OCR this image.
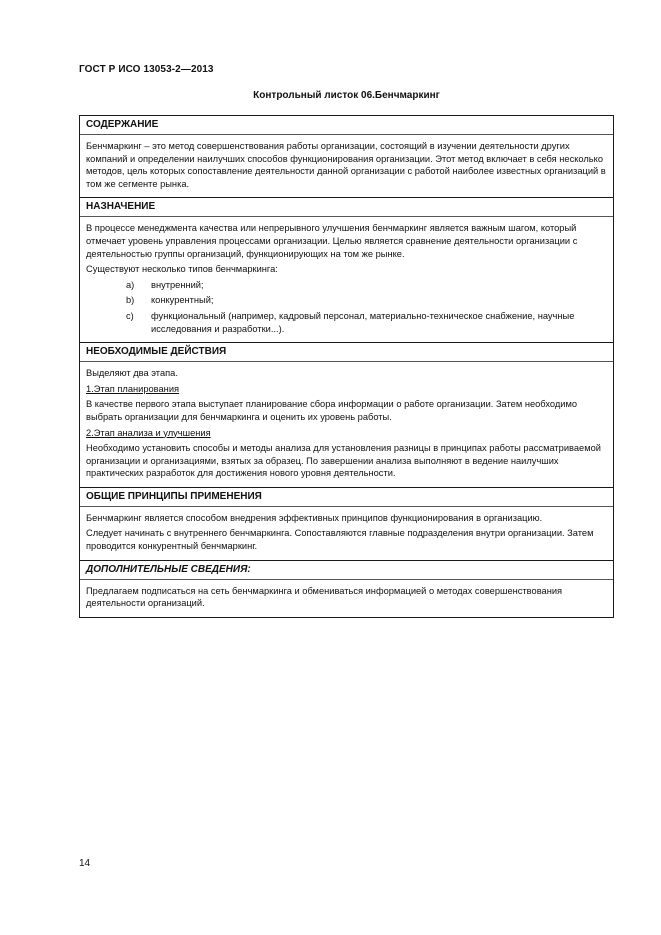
ГОСТ Р ИСО 13053-2—2013
Контрольный листок 06.Бенчмаркинг
СОДЕРЖАНИЕ

Бенчмаркинг – это метод совершенствования работы организации, состоящий в изучении деятельности других компаний и определении наилучших способов функционирования организации. Этот метод включает в себя несколько методов, цель которых сопоставление деятельности данной организации с работой наиболее известных организаций в том же сегменте рынка.

НАЗНАЧЕНИЕ

В процессе менеджмента качества или непрерывного улучшения бенчмаркинг является важным шагом, который отмечает уровень управления процессами организации. Целью является сравнение деятельности организации с деятельностью группы организаций, функционирующих на том же рынке.

Существуют несколько типов бенчмаркинга:

a) внутренний;
b) конкурентный;
c) функциональный (например, кадровый персонал, материально-техническое снабжение, научные исследования и разработки...).
НЕОБХОДИМЫЕ ДЕЙСТВИЯ

Выделяют два этапа.

1.Этап планирования

В качестве первого этапа выступает планирование сбора информации о работе организации. Затем необходимо выбрать организации для бенчмаркинга и оценить их уровень работы.

2.Этап анализа и улучшения

Необходимо установить способы и методы анализа для установления разницы в принципах работы рассматриваемой организации и организациями, взятых за образец. По завершении анализа выполняют в ведение наилучших практических разработок для достижения нового уровня деятельности.

ОБЩИЕ ПРИНЦИПЫ ПРИМЕНЕНИЯ

Бенчмаркинг является способом внедрения эффективных принципов функционирования в организацию.

Следует начинать с внутреннего бенчмаркинга. Сопоставляются главные подразделения внутри организации. Затем проводится конкурентный бенчмаркинг.

ДОПОЛНИТЕЛЬНЫЕ СВЕДЕНИЯ:

Предлагаем подписаться на сеть бенчмаркинга и обмениваться информацией о методах совершенствования деятельности организаций.

14
